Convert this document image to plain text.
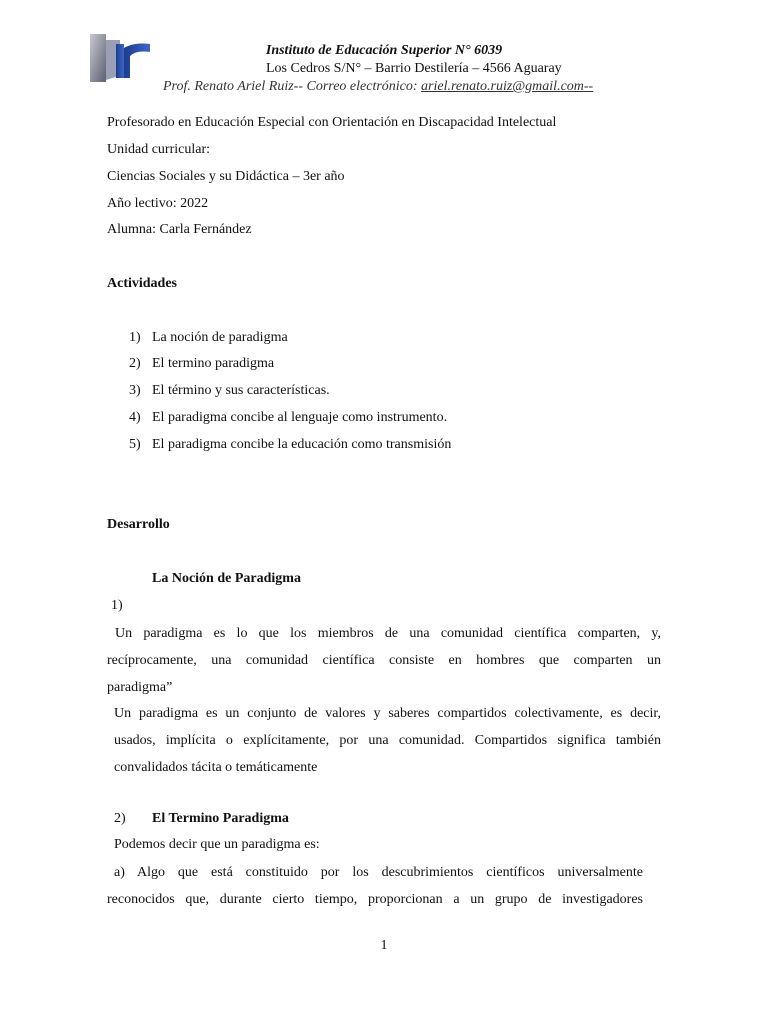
Instituto de Educación Superior N° 6039
Los Cedros S/N° – Barrio Destilería – 4566 Aguaray
Prof. Renato Ariel Ruiz-- Correo electrónico: ariel.renato.ruiz@gmail.com--
Profesorado en Educación Especial con Orientación en Discapacidad Intelectual
Unidad curricular:
Ciencias Sociales y su Didáctica – 3er año
Año lectivo: 2022
Alumna: Carla Fernández
Actividades
1) La noción de paradigma
2) El termino paradigma
3) El término y sus características.
4) El paradigma concibe al lenguaje como instrumento.
5) El paradigma concibe la educación como transmisión
Desarrollo
La Noción de Paradigma
1)
Un paradigma es lo que los miembros de una comunidad científica comparten, y,
recíprocamente, una comunidad científica consiste en hombres que comparten un
paradigma”
Un paradigma es un conjunto de valores y saberes compartidos colectivamente, es decir,
usados, implícita o explícitamente, por una comunidad. Compartidos significa también
convalidados tácita o temáticamente
2) El Termino Paradigma
Podemos decir que un paradigma es:
a) Algo que está constituido por los descubrimientos científicos universalmente
reconocidos que, durante cierto tiempo, proporcionan a un grupo de investigadores
1
